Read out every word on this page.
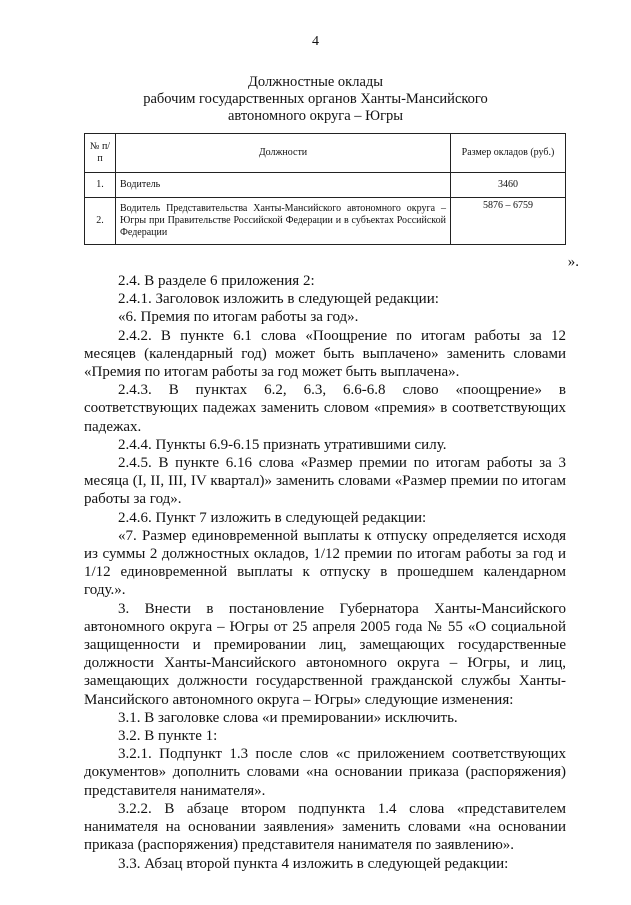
4
Должностные оклады
рабочим государственных органов Ханты-Мансийского
автономного округа – Югры
№ п/п	Должности	Размер окладов (руб.)
1.	Водитель	3460
2.	Водитель Представительства Ханты-Мансийского автономного округа – Югры при Правительстве Российской Федерации и в субъектах Российской Федерации	5876 – 6759
».

2.4. В разделе 6 приложения 2:

2.4.1. Заголовок изложить в следующей редакции:

«6. Премия по итогам работы за год».

2.4.2. В пункте 6.1 слова «Поощрение по итогам работы за 12 месяцев (календарный год) может быть выплачено» заменить словами «Премия по итогам работы за год может быть выплачена».

2.4.3. В пунктах 6.2, 6.3, 6.6-6.8 слово «поощрение» в соответствующих падежах заменить словом «премия» в соответствующих падежах.

2.4.4. Пункты 6.9-6.15 признать утратившими силу.

2.4.5. В пункте 6.16 слова «Размер премии по итогам работы за 3 месяца (I, II, III, IV квартал)» заменить словами «Размер премии по итогам работы за год».

2.4.6. Пункт 7 изложить в следующей редакции:

«7. Размер единовременной выплаты к отпуску определяется исходя из суммы 2 должностных окладов, 1/12 премии по итогам работы за год и 1/12 единовременной выплаты к отпуску в прошедшем календарном году.».

3. Внести в постановление Губернатора Ханты-Мансийского автономного округа – Югры от 25 апреля 2005 года № 55 «О социальной защищенности и премировании лиц, замещающих государственные должности Ханты-Мансийского автономного округа – Югры, и лиц, замещающих должности государственной гражданской службы Ханты-Мансийского автономного округа – Югры» следующие изменения:

3.1. В заголовке слова «и премировании» исключить.

3.2. В пункте 1:

3.2.1. Подпункт 1.3 после слов «с приложением соответствующих документов» дополнить словами «на основании приказа (распоряжения) представителя нанимателя».

3.2.2. В абзаце втором подпункта 1.4 слова «представителем нанимателя на основании заявления» заменить словами «на основании приказа (распоряжения) представителя нанимателя по заявлению».

3.3. Абзац второй пункта 4 изложить в следующей редакции:
